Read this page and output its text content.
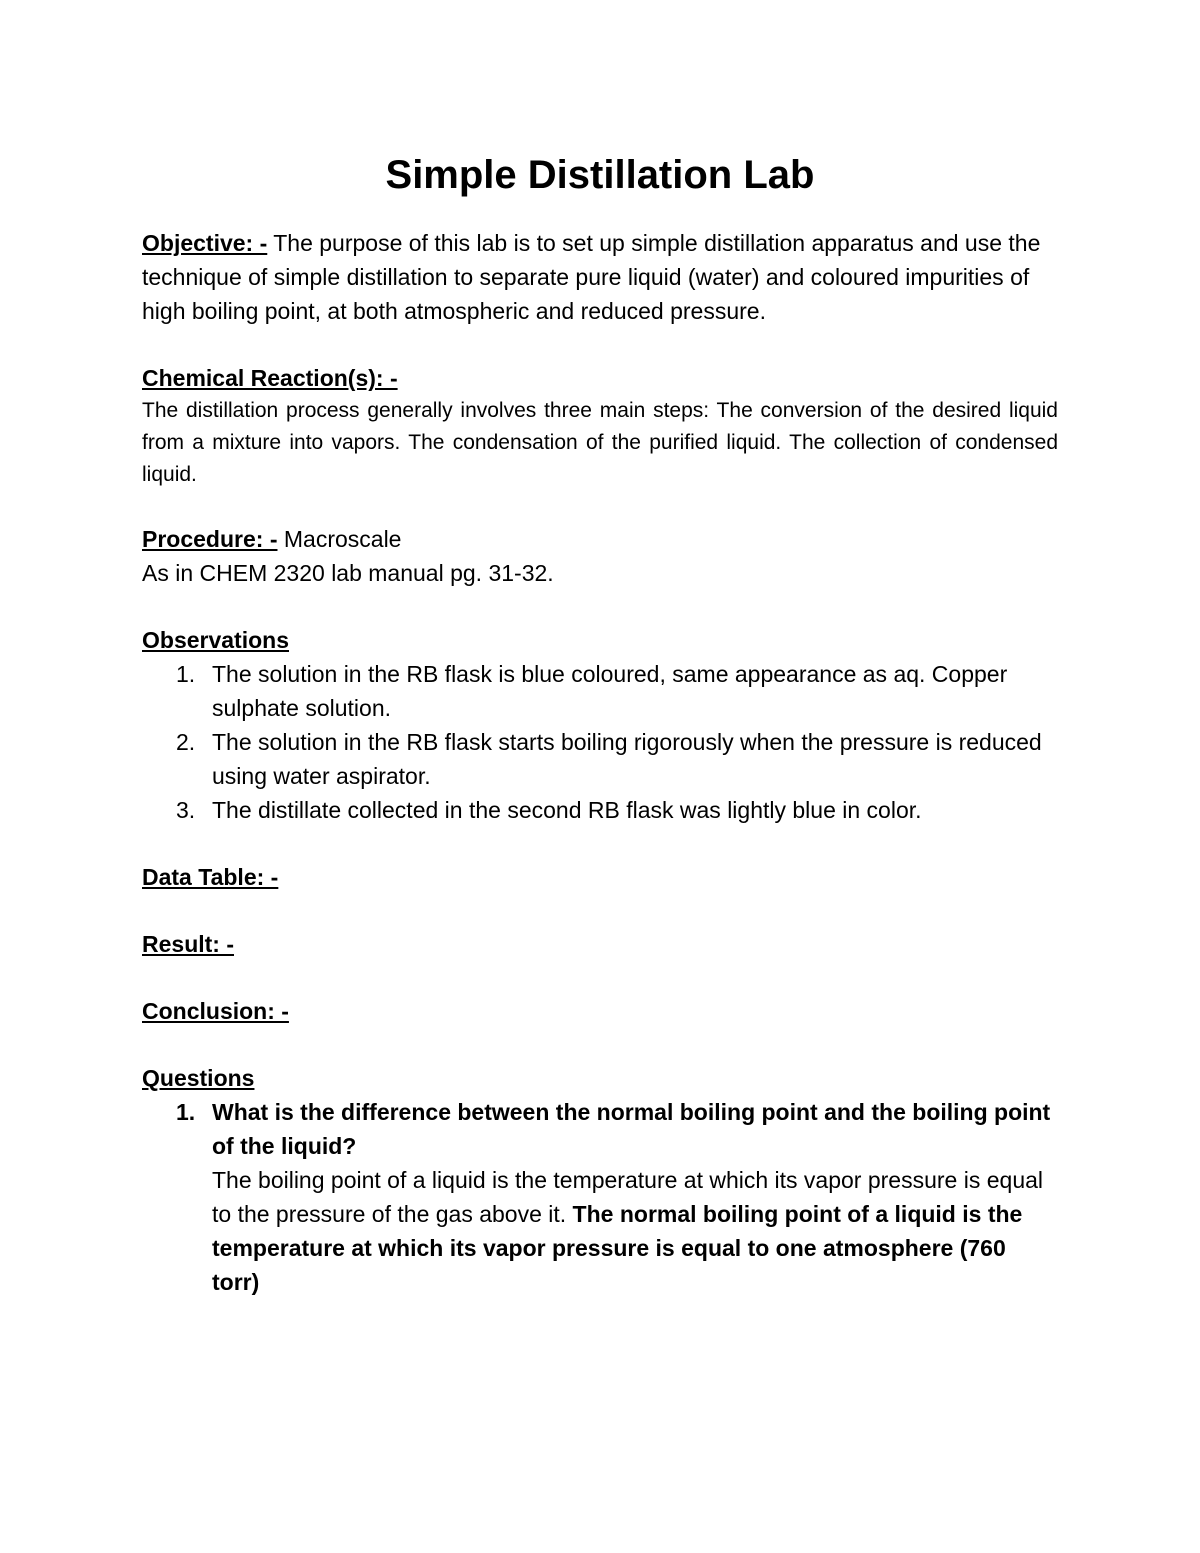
Simple Distillation Lab

Objective: - The purpose of this lab is to set up simple distillation apparatus and use the technique of simple distillation to separate pure liquid (water) and coloured impurities of high boiling point, at both atmospheric and reduced pressure.

Chemical Reaction(s): -

The distillation process generally involves three main steps: The conversion of the desired liquid from a mixture into vapors. The condensation of the purified liquid. The collection of condensed liquid.

Procedure: - Macroscale

As in CHEM 2320 lab manual pg. 31-32.

Observations

1. The solution in the RB flask is blue coloured, same appearance as aq. Copper sulphate solution.
2. The solution in the RB flask starts boiling rigorously when the pressure is reduced using water aspirator.
3. The distillate collected in the second RB flask was lightly blue in color.

Data Table: -

Result: -

Conclusion: -

Questions

1. What is the difference between the normal boiling point and the boiling point of the liquid?
The boiling point of a liquid is the temperature at which its vapor pressure is equal to the pressure of the gas above it. The normal boiling point of a liquid is the temperature at which its vapor pressure is equal to one atmosphere (760 torr)
